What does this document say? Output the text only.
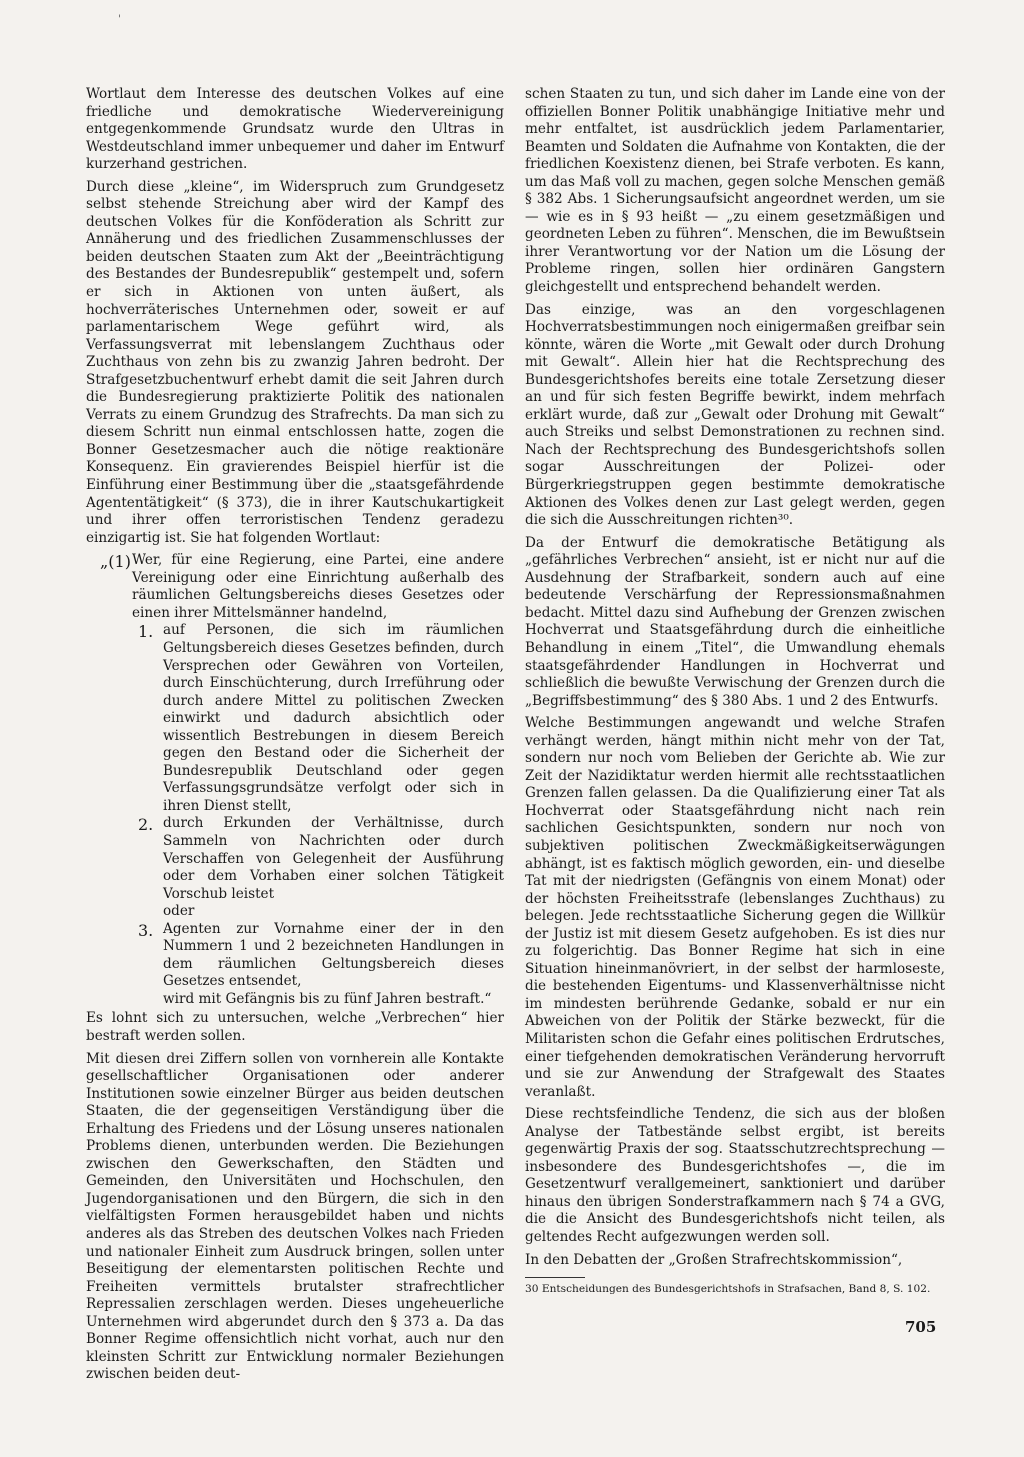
'

Wortlaut dem Interesse des deutschen Volkes auf eine friedliche und demokratische Wiedervereinigung entgegenkommende Grundsatz wurde den Ultras in Westdeutschland immer unbequemer und daher im Entwurf kurzerhand gestrichen.

Durch diese „kleine“, im Widerspruch zum Grundgesetz selbst stehende Streichung aber wird der Kampf des deutschen Volkes für die Konföderation als Schritt zur Annäherung und des friedlichen Zusammenschlusses der beiden deutschen Staaten zum Akt der „Beeinträchtigung des Bestandes der Bundesrepublik“ gestempelt und, sofern er sich in Aktionen von unten äußert, als hochverräterisches Unternehmen oder, soweit er auf parlamentarischem Wege geführt wird, als Verfassungsverrat mit lebenslangem Zuchthaus oder Zuchthaus von zehn bis zu zwanzig Jahren bedroht. Der Strafgesetzbuchentwurf erhebt damit die seit Jahren durch die Bundesregierung praktizierte Politik des nationalen Verrats zu einem Grundzug des Strafrechts. Da man sich zu diesem Schritt nun einmal entschlossen hatte, zogen die Bonner Gesetzesmacher auch die nötige reaktionäre Konsequenz. Ein gravierendes Beispiel hierfür ist die Einführung einer Bestimmung über die „staatsgefährdende Agententätigkeit“ (§ 373), die in ihrer Kautschukartigkeit und ihrer offen terroristischen Tendenz geradezu einzigartig ist. Sie hat folgenden Wortlaut:

„(1) Wer, für eine Regierung, eine Partei, eine andere Vereinigung oder eine Einrichtung außerhalb des räumlichen Geltungsbereichs dieses Gesetzes oder einen ihrer Mittelsmänner handelnd,
1. auf Personen, die sich im räumlichen Geltungsbereich dieses Gesetzes befinden, durch Versprechen oder Gewähren von Vorteilen, durch Einschüchterung, durch Irreführung oder durch andere Mittel zu politischen Zwecken einwirkt und dadurch absichtlich oder wissentlich Bestrebungen in diesem Bereich gegen den Bestand oder die Sicherheit der Bundesrepublik Deutschland oder gegen Verfassungsgrundsätze verfolgt oder sich in ihren Dienst stellt,
2. durch Erkunden der Verhältnisse, durch Sammeln von Nachrichten oder durch Verschaffen von Gelegenheit der Ausführung oder dem Vorhaben einer solchen Tätigkeit Vorschub leistet
oder
3. Agenten zur Vornahme einer der in den Nummern 1 und 2 bezeichneten Handlungen in dem räumlichen Geltungsbereich dieses Gesetzes entsendet,
wird mit Gefängnis bis zu fünf Jahren bestraft.“

Es lohnt sich zu untersuchen, welche „Verbrechen“ hier bestraft werden sollen.

Mit diesen drei Ziffern sollen von vornherein alle Kontakte gesellschaftlicher Organisationen oder anderer Institutionen sowie einzelner Bürger aus beiden deutschen Staaten, die der gegenseitigen Verständigung über die Erhaltung des Friedens und der Lösung unseres nationalen Problems dienen, unterbunden werden. Die Beziehungen zwischen den Gewerkschaften, den Städten und Gemeinden, den Universitäten und Hochschulen, den Jugendorganisationen und den Bürgern, die sich in den vielfältigsten Formen herausgebildet haben und nichts anderes als das Streben des deutschen Volkes nach Frieden und nationaler Einheit zum Ausdruck bringen, sollen unter Beseitigung der elementarsten politischen Rechte und Freiheiten vermittels brutalster strafrechtlicher Repressalien zerschlagen werden. Dieses ungeheuerliche Unternehmen wird abgerundet durch den § 373 a. Da das Bonner Regime offensichtlich nicht vorhat, auch nur den kleinsten Schritt zur Entwicklung normaler Beziehungen zwischen beiden deut-

schen Staaten zu tun, und sich daher im Lande eine von der offiziellen Bonner Politik unabhängige Initiative mehr und mehr entfaltet, ist ausdrücklich jedem Parlamentarier, Beamten und Soldaten die Aufnahme von Kontakten, die der friedlichen Koexistenz dienen, bei Strafe verboten. Es kann, um das Maß voll zu machen, gegen solche Menschen gemäß § 382 Abs. 1 Sicherungsaufsicht angeordnet werden, um sie — wie es in § 93 heißt — „zu einem gesetzmäßigen und geordneten Leben zu führen“. Menschen, die im Bewußtsein ihrer Verantwortung vor der Nation um die Lösung der Probleme ringen, sollen hier ordinären Gangstern gleichgestellt und entsprechend behandelt werden.

Das einzige, was an den vorgeschlagenen Hochverratsbestimmungen noch einigermaßen greifbar sein könnte, wären die Worte „mit Gewalt oder durch Drohung mit Gewalt“. Allein hier hat die Rechtsprechung des Bundesgerichtshofes bereits eine totale Zersetzung dieser an und für sich festen Begriffe bewirkt, indem mehrfach erklärt wurde, daß zur „Gewalt oder Drohung mit Gewalt“ auch Streiks und selbst Demonstrationen zu rechnen sind. Nach der Rechtsprechung des Bundesgerichtshofs sollen sogar Ausschreitungen der Polizei- oder Bürgerkriegstruppen gegen bestimmte demokratische Aktionen des Volkes denen zur Last gelegt werden, gegen die sich die Ausschreitungen richten³⁰.

Da der Entwurf die demokratische Betätigung als „gefährliches Verbrechen“ ansieht, ist er nicht nur auf die Ausdehnung der Strafbarkeit, sondern auch auf eine bedeutende Verschärfung der Repressionsmaßnahmen bedacht. Mittel dazu sind Aufhebung der Grenzen zwischen Hochverrat und Staatsgefährdung durch die einheitliche Behandlung in einem „Titel“, die Umwandlung ehemals staatsgefährdender Handlungen in Hochverrat und schließlich die bewußte Verwischung der Grenzen durch die „Begriffsbestimmung“ des § 380 Abs. 1 und 2 des Entwurfs.

Welche Bestimmungen angewandt und welche Strafen verhängt werden, hängt mithin nicht mehr von der Tat, sondern nur noch vom Belieben der Gerichte ab. Wie zur Zeit der Nazidiktatur werden hiermit alle rechtsstaatlichen Grenzen fallen gelassen. Da die Qualifizierung einer Tat als Hochverrat oder Staatsgefährdung nicht nach rein sachlichen Gesichtspunkten, sondern nur noch von subjektiven politischen Zweckmäßigkeitserwägungen abhängt, ist es faktisch möglich geworden, ein- und dieselbe Tat mit der niedrigsten (Gefängnis von einem Monat) oder der höchsten Freiheitsstrafe (lebenslanges Zuchthaus) zu belegen. Jede rechtsstaatliche Sicherung gegen die Willkür der Justiz ist mit diesem Gesetz aufgehoben. Es ist dies nur zu folgerichtig. Das Bonner Regime hat sich in eine Situation hineinmanövriert, in der selbst der harmloseste, die bestehenden Eigentums- und Klassenverhältnisse nicht im mindesten berührende Gedanke, sobald er nur ein Abweichen von der Politik der Stärke bezweckt, für die Militaristen schon die Gefahr eines politischen Erdrutsches, einer tiefgehenden demokratischen Veränderung hervorruft und sie zur Anwendung der Strafgewalt des Staates veranlaßt.

Diese rechtsfeindliche Tendenz, die sich aus der bloßen Analyse der Tatbestände selbst ergibt, ist bereits gegenwärtig Praxis der sog. Staatsschutzrechtsprechung — insbesondere des Bundesgerichtshofes —, die im Gesetzentwurf verallgemeinert, sanktioniert und darüber hinaus den übrigen Sonderstrafkammern nach § 74 a GVG, die die Ansicht des Bundesgerichtshofs nicht teilen, als geltendes Recht aufgezwungen werden soll.

In den Debatten der „Großen Strafrechtskommission“,

30 Entscheidungen des Bundesgerichtshofs in Strafsachen, Band 8, S. 102.

705
